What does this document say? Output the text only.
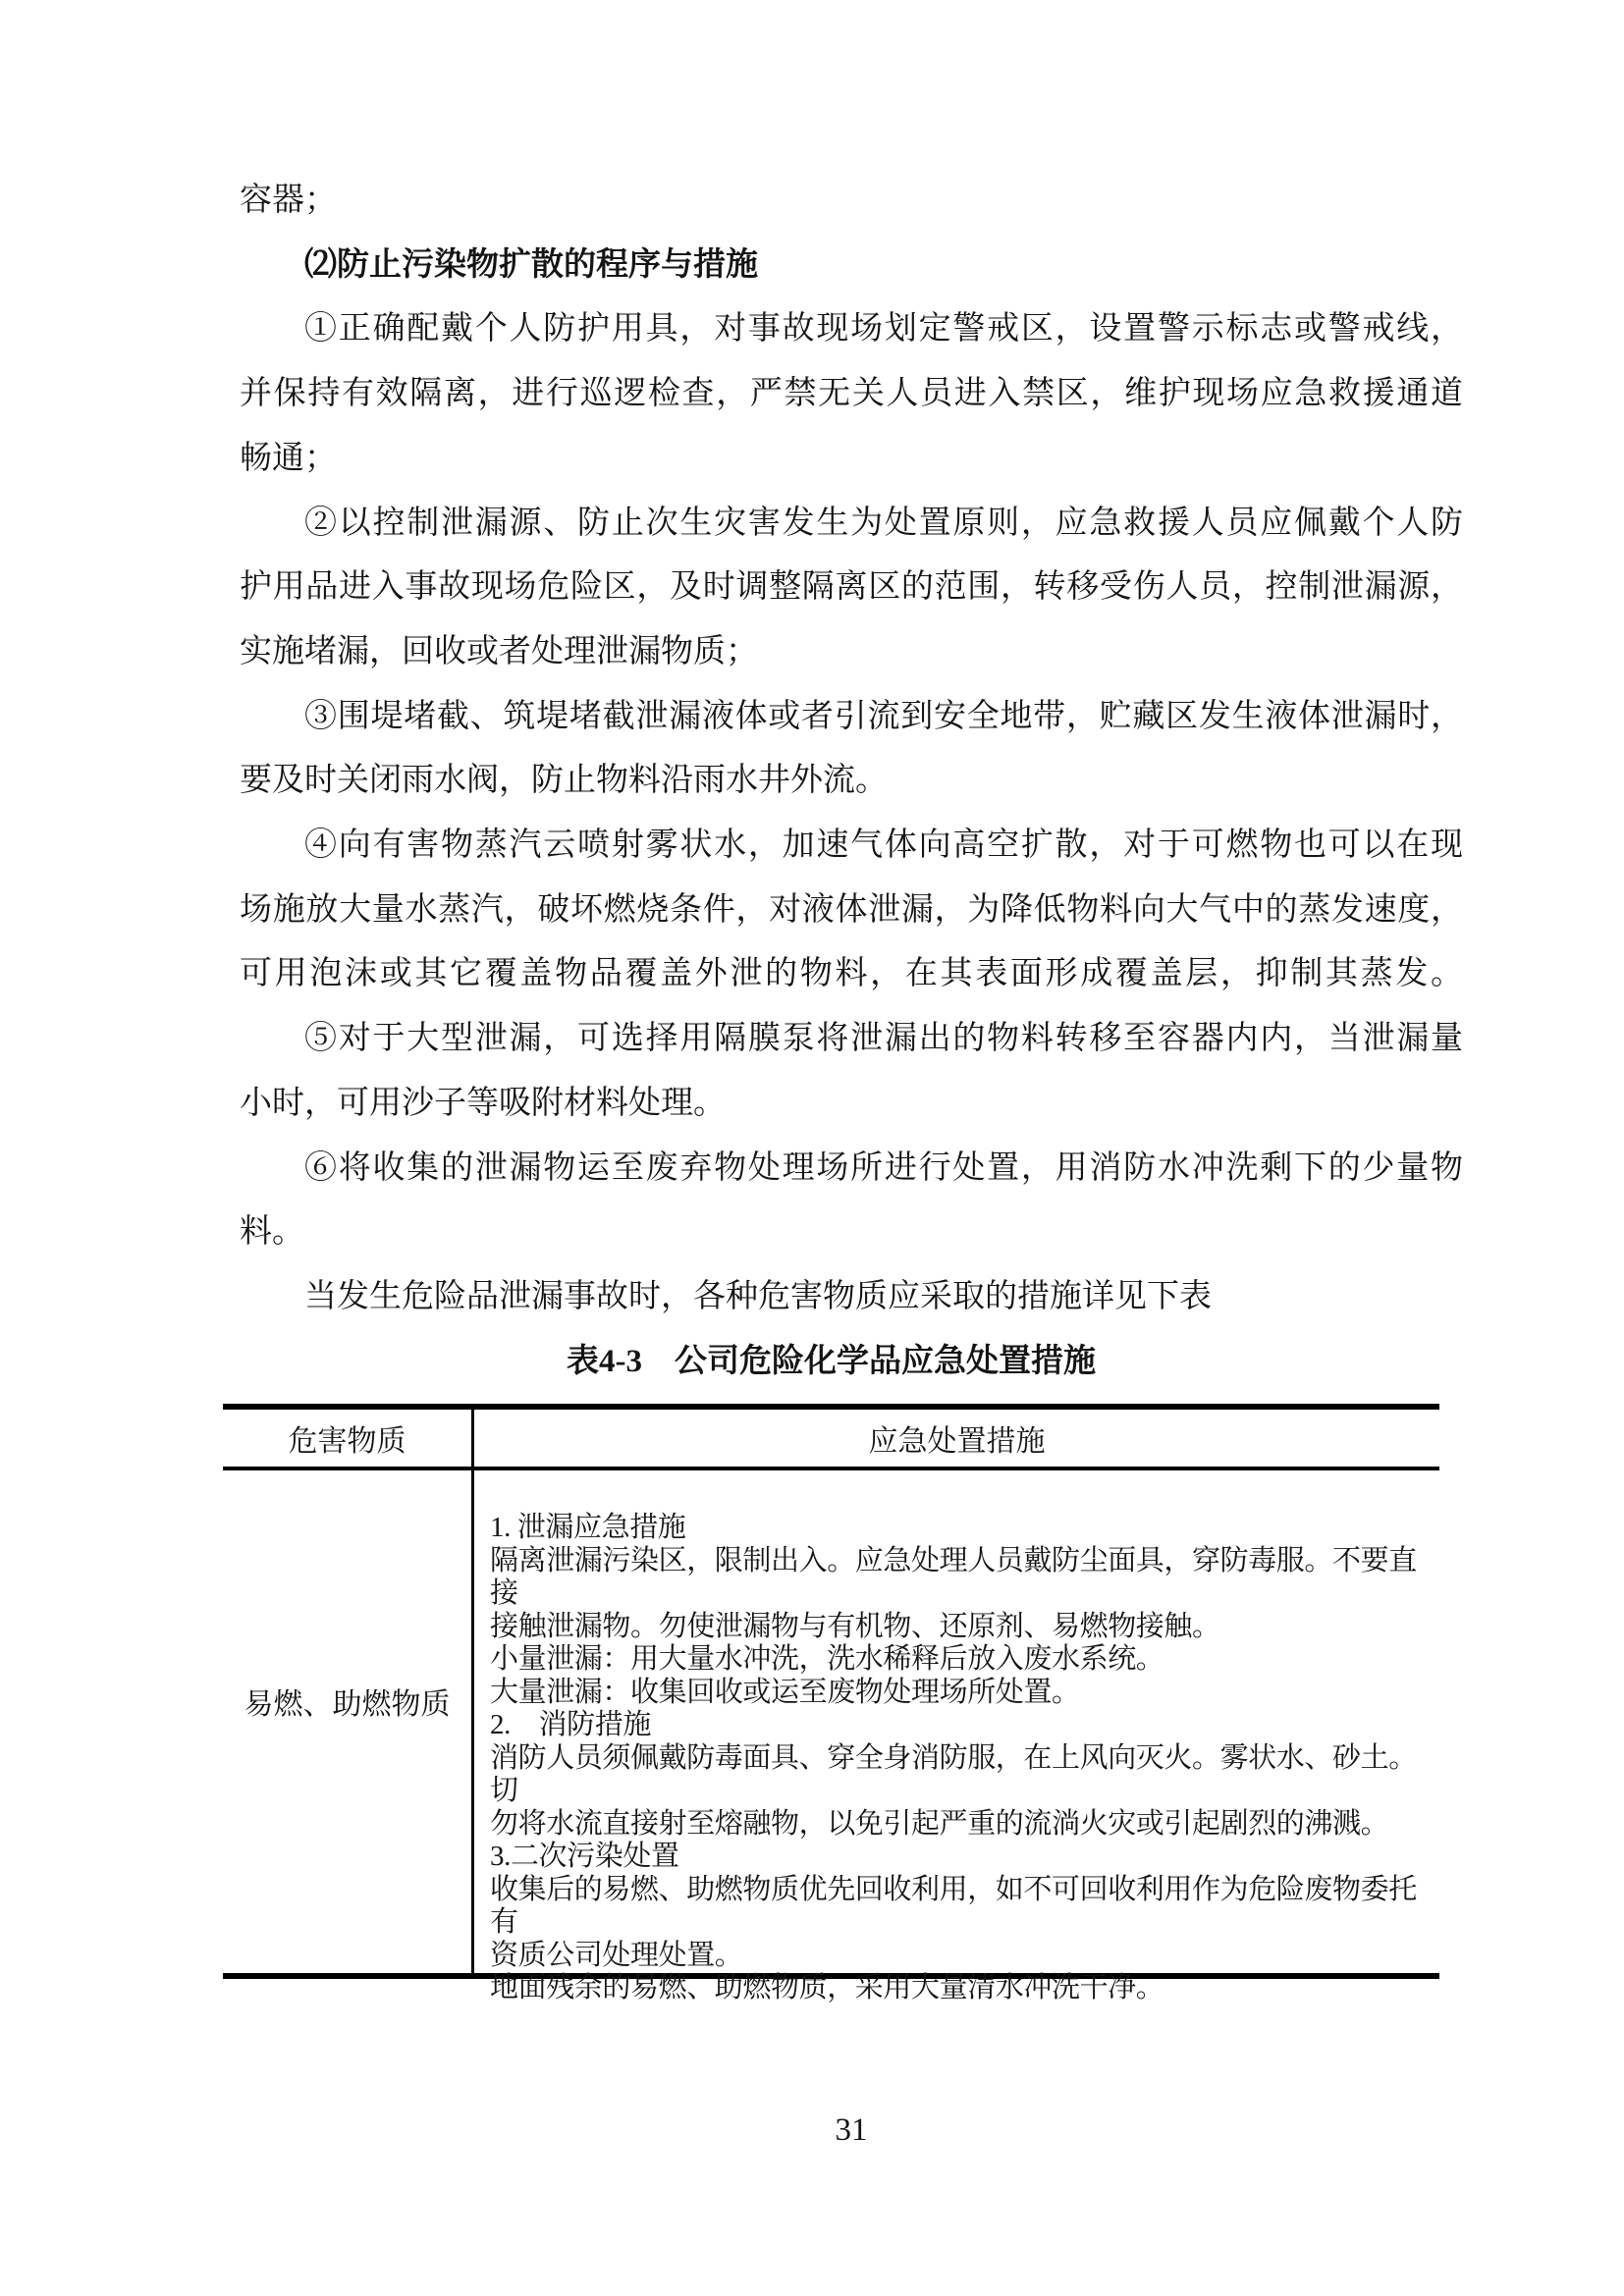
容器；
⑵防止污染物扩散的程序与措施
①正确配戴个人防护用具，对事故现场划定警戒区，设置警示标志或警戒线，
并保持有效隔离，进行巡逻检查，严禁无关人员进入禁区，维护现场应急救援通道
畅通；
②以控制泄漏源、防止次生灾害发生为处置原则，应急救援人员应佩戴个人防
护用品进入事故现场危险区，及时调整隔离区的范围，转移受伤人员，控制泄漏源，
实施堵漏，回收或者处理泄漏物质；
③围堤堵截、筑堤堵截泄漏液体或者引流到安全地带，贮藏区发生液体泄漏时，
要及时关闭雨水阀，防止物料沿雨水井外流。
④向有害物蒸汽云喷射雾状水，加速气体向高空扩散，对于可燃物也可以在现
场施放大量水蒸汽，破坏燃烧条件，对液体泄漏，为降低物料向大气中的蒸发速度，
可用泡沫或其它覆盖物品覆盖外泄的物料，在其表面形成覆盖层，抑制其蒸发。
⑤对于大型泄漏，可选择用隔膜泵将泄漏出的物料转移至容器内内，当泄漏量
小时，可用沙子等吸附材料处理。
⑥将收集的泄漏物运至废弃物处理场所进行处置，用消防水冲洗剩下的少量物
料。
当发生危险品泄漏事故时，各种危害物质应采取的措施详见下表
表4-3　公司危险化学品应急处置措施
危害物质	应急处置措施
易燃、助燃物质
1. 泄漏应急措施
隔离泄漏污染区，限制出入。应急处理人员戴防尘面具，穿防毒服。不要直接
接触泄漏物。勿使泄漏物与有机物、还原剂、易燃物接触。
小量泄漏：用大量水冲洗，洗水稀释后放入废水系统。
大量泄漏：收集回收或运至废物处理场所处置。
2.　消防措施
消防人员须佩戴防毒面具、穿全身消防服，在上风向灭火。雾状水、砂土。切
勿将水流直接射至熔融物，以免引起严重的流淌火灾或引起剧烈的沸溅。
3.二次污染处置
收集后的易燃、助燃物质优先回收利用，如不可回收利用作为危险废物委托有
资质公司处理处置。
地面残余的易燃、助燃物质，采用大量清水冲洗干净。
31
